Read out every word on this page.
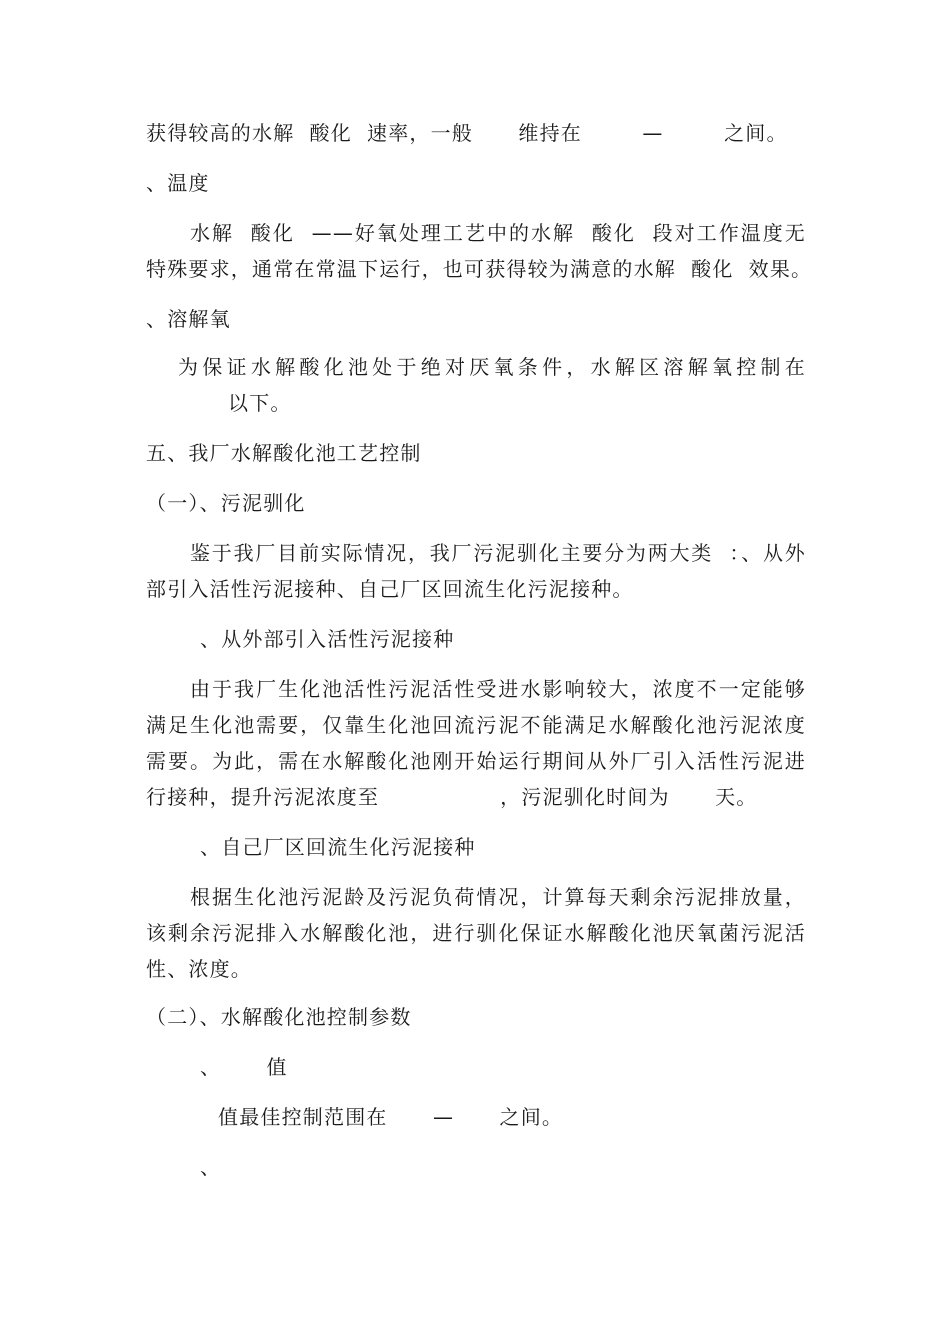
获得较高的水解  酸化  速率，一般      维持在        —        之间。

、温度

水解  酸化  ——好氧处理工艺中的水解  酸化  段对工作温度无

特殊要求，通常在常温下运行，也可获得较为满意的水解  酸化  效果。

、溶解氧

为保证水解酸化池处于绝对厌氧条件，水解区溶解氧控制在

以下。

五、我厂水解酸化池工艺控制

（一）、污泥驯化

鉴于我厂目前实际情况，我厂污泥驯化主要分为两大类  ：、从外

部引入活性污泥接种、自己厂区回流生化污泥接种。

、从外部引入活性污泥接种

由于我厂生化池活性污泥活性受进水影响较大，浓度不一定能够

满足生化池需要，仅靠生化池回流污泥不能满足水解酸化池污泥浓度

需要。为此，需在水解酸化池刚开始运行期间从外厂引入活性污泥进

行接种，提升污泥浓度至                ，污泥驯化时间为      天。

、自己厂区回流生化污泥接种

根据生化池污泥龄及污泥负荷情况，计算每天剩余污泥排放量，

该剩余污泥排入水解酸化池，进行驯化保证水解酸化池厌氧菌污泥活

性、浓度。

（二）、水解酸化池控制参数

、      值

值最佳控制范围在      —      之间。

、
